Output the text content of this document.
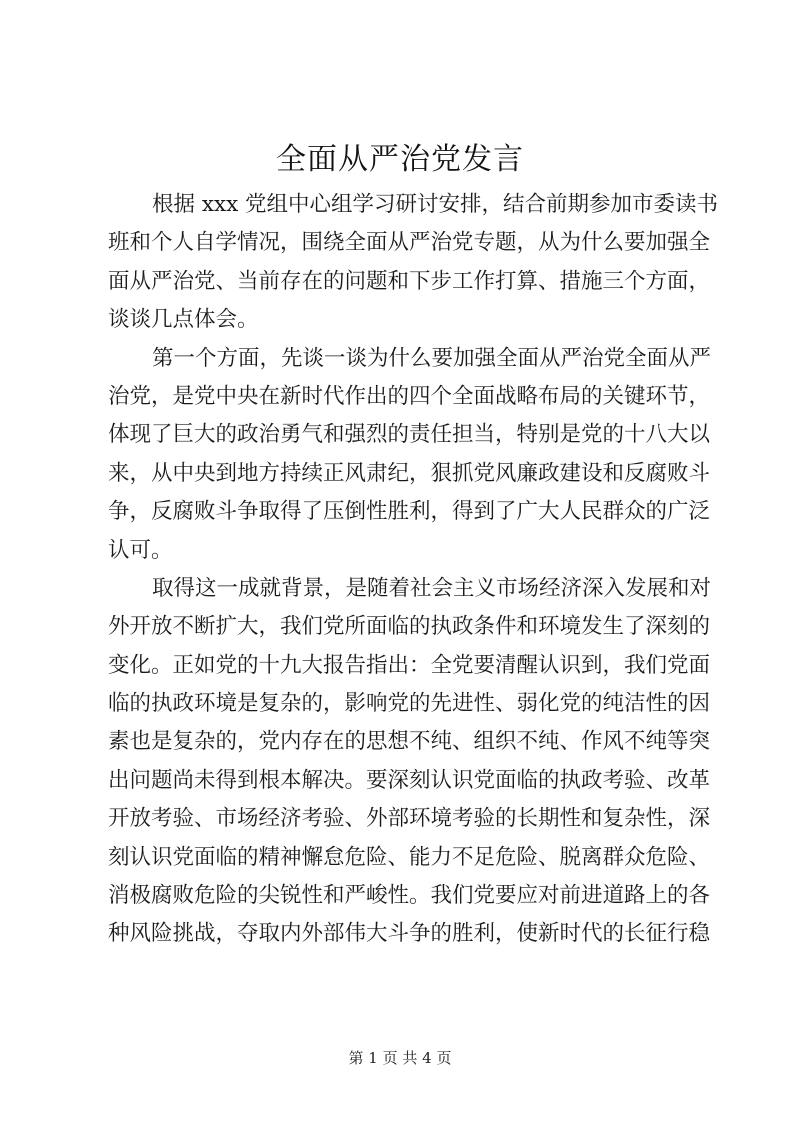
全面从严治党发言
根据 xxx 党组中心组学习研讨安排，结合前期参加市委读书
班和个人自学情况，围绕全面从严治党专题，从为什么要加强全
面从严治党、当前存在的问题和下步工作打算、措施三个方面，
谈谈几点体会。
第一个方面，先谈一谈为什么要加强全面从严治党全面从严
治党，是党中央在新时代作出的四个全面战略布局的关键环节，
体现了巨大的政治勇气和强烈的责任担当，特别是党的十八大以
来，从中央到地方持续正风肃纪，狠抓党风廉政建设和反腐败斗
争，反腐败斗争取得了压倒性胜利，得到了广大人民群众的广泛
认可。
取得这一成就背景，是随着社会主义市场经济深入发展和对
外开放不断扩大，我们党所面临的执政条件和环境发生了深刻的
变化。正如党的十九大报告指出：全党要清醒认识到，我们党面
临的执政环境是复杂的，影响党的先进性、弱化党的纯洁性的因
素也是复杂的，党内存在的思想不纯、组织不纯、作风不纯等突
出问题尚未得到根本解决。要深刻认识党面临的执政考验、改革
开放考验、市场经济考验、外部环境考验的长期性和复杂性，深
刻认识党面临的精神懈怠危险、能力不足危险、脱离群众危险、
消极腐败危险的尖锐性和严峻性。我们党要应对前进道路上的各
种风险挑战，夺取内外部伟大斗争的胜利，使新时代的长征行稳
第 1 页 共 4 页
